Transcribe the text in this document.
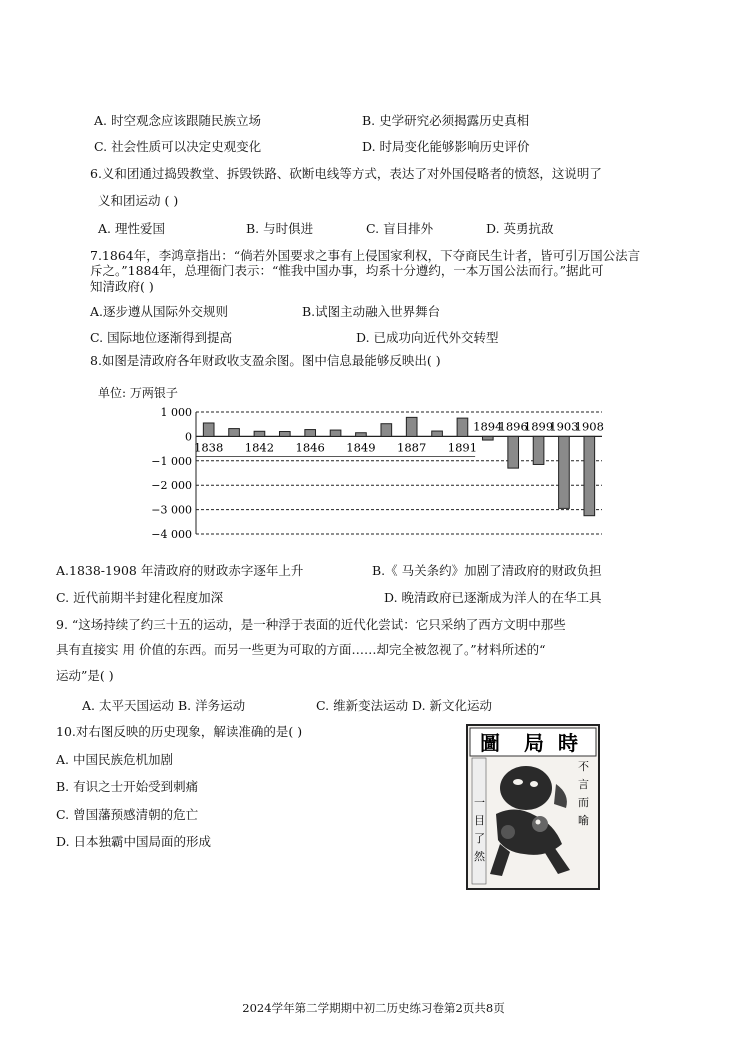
A. 时空观念应该跟随民族立场	B. 史学研究必须揭露历史真相
C. 社会性质可以决定史观变化	D. 时局变化能够影响历史评价
6.义和团通过捣毁教堂、拆毁铁路、砍断电线等方式，表达了对外国侵略者的愤怒，这说明了
义和团运动 ( )
A. 理性爱国	B. 与时俱进	C. 盲目排外	D. 英勇抗敌
7.1864年，李鸿章指出：“倘若外国要求之事有上侵国家利权，下夺商民生计者，皆可引万国公法言
斥之。”1884年，总理衙门表示：“惟我中国办事，均系十分遵约，一本万国公法而行。”据此可
知清政府( )
A.逐步遵从国际外交规则	B.试图主动融入世界舞台
C. 国际地位逐渐得到提高	D. 已成功向近代外交转型
8.如图是清政府各年财政收支盈余图。图中信息最能够反映出( )
单位: 万两银子
1 000
0
−1 000
−2 000
−3 000
−4 000
1838 1842 1846 1849 1887 1891
1894
1896
1899
1903
1908
A.1838-1908 年清政府的财政赤字逐年上升	B.《 马关条约》加剧了清政府的财政负担
C. 近代前期半封建化程度加深	D. 晚清政府已逐渐成为洋人的在华工具
9. “这场持续了约三十五的运动，是一种浮于表面的近代化尝试：它只采纳了西方文明中那些
具有直接实 用 价值的东西。而另一些更为可取的方面……却完全被忽视了。”材料所述的“
运动”是( )
A. 太平天国运动 B. 洋务运动	C. 维新变法运动 D. 新文化运动
10.对右图反映的历史现象，解读准确的是( )
A. 中国民族危机加剧
B. 有识之士开始受到刺痛
C. 曾国藩预感清朝的危亡
D. 日本独霸中国局面的形成
圖 局 時
一
目
了
然
不
言
而
喻
2024学年第二学期期中初二历史练习卷第2页共8页
